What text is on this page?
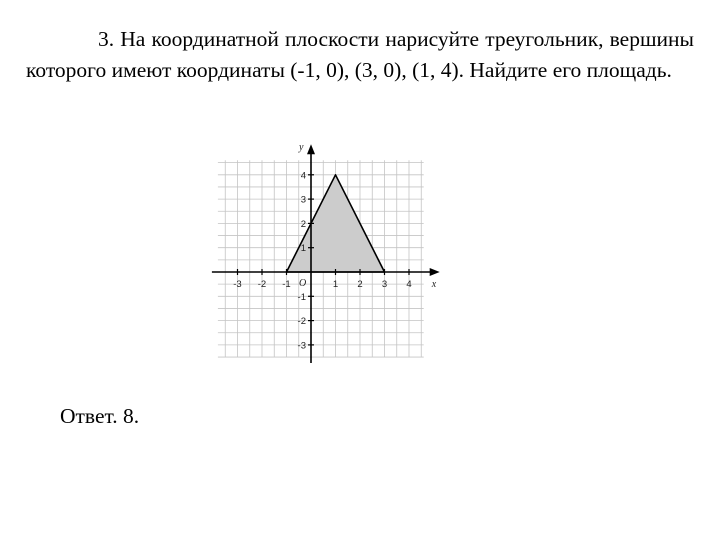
3. На координатной плоскости нарисуйте треугольник, вершины которого имеют координаты (-1, 0), (3, 0), (1, 4). Найдите его площадь.

-3 -2 -1	1 2 3 4
4
3
2
1
-1
-2
-3
x
y
O

Ответ. 8.
